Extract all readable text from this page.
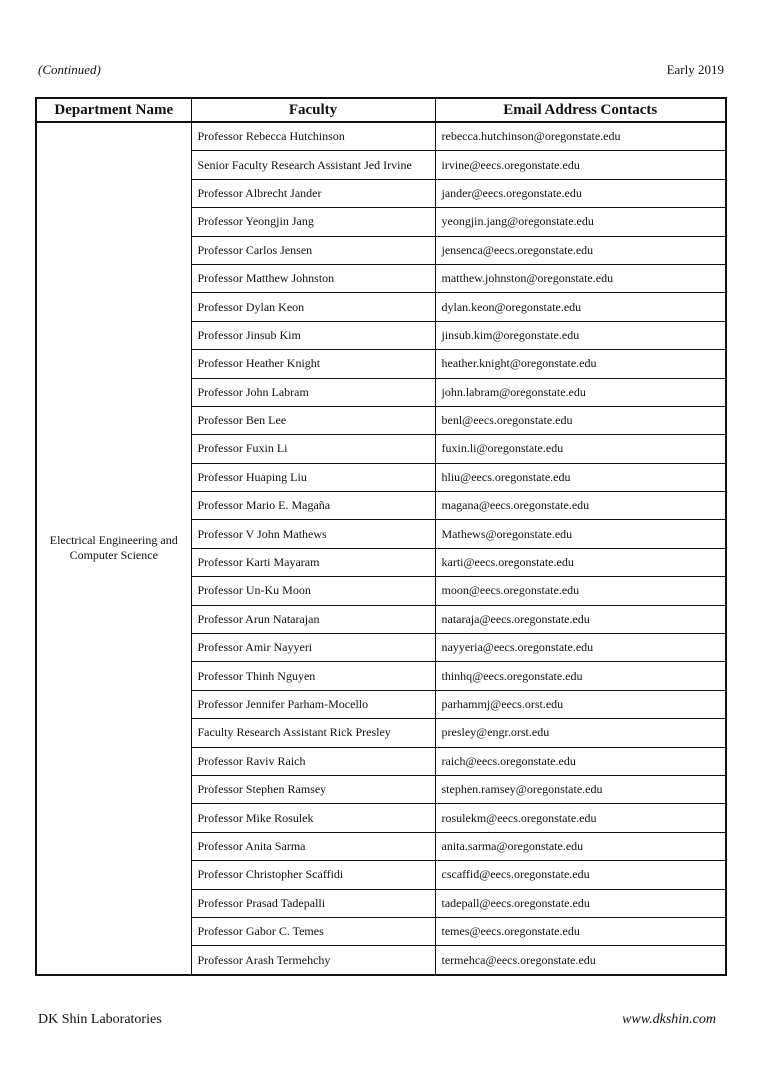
(Continued)	Early 2019
Department Name	Faculty	Email Address Contacts
Electrical Engineering and Computer Science	Professor Rebecca Hutchinson	rebecca.hutchinson@oregonstate.edu
	Senior Faculty Research Assistant Jed Irvine	irvine@eecs.oregonstate.edu
	Professor Albrecht Jander	jander@eecs.oregonstate.edu
	Professor Yeongjin Jang	yeongjin.jang@oregonstate.edu
	Professor Carlos Jensen	jensenca@eecs.oregonstate.edu
	Professor Matthew Johnston	matthew.johnston@oregonstate.edu
	Professor Dylan Keon	dylan.keon@oregonstate.edu
	Professor Jinsub Kim	jinsub.kim@oregonstate.edu
	Professor Heather Knight	heather.knight@oregonstate.edu
	Professor John Labram	john.labram@oregonstate.edu
	Professor Ben Lee	benl@eecs.oregonstate.edu
	Professor Fuxin Li	fuxin.li@oregonstate.edu
	Professor Huaping Liu	hliu@eecs.oregonstate.edu
	Professor Mario E. Magaña	magana@eecs.oregonstate.edu
	Professor V John Mathews	Mathews@oregonstate.edu
	Professor Karti Mayaram	karti@eecs.oregonstate.edu
	Professor Un-Ku Moon	moon@eecs.oregonstate.edu
	Professor Arun Natarajan	nataraja@eecs.oregonstate.edu
	Professor Amir Nayyeri	nayyeria@eecs.oregonstate.edu
	Professor Thinh Nguyen	thinhq@eecs.oregonstate.edu
	Professor Jennifer Parham-Mocello	parhammj@eecs.orst.edu
	Faculty Research Assistant Rick Presley	presley@engr.orst.edu
	Professor Raviv Raich	raich@eecs.oregonstate.edu
	Professor Stephen Ramsey	stephen.ramsey@oregonstate.edu
	Professor Mike Rosulek	rosulekm@eecs.oregonstate.edu
	Professor Anita Sarma	anita.sarma@oregonstate.edu
	Professor Christopher Scaffidi	cscaffid@eecs.oregonstate.edu
	Professor Prasad Tadepalli	tadepall@eecs.oregonstate.edu
	Professor Gabor C. Temes	temes@eecs.oregonstate.edu
	Professor Arash Termehchy	termehca@eecs.oregonstate.edu
DK Shin Laboratories	www.dkshin.com
